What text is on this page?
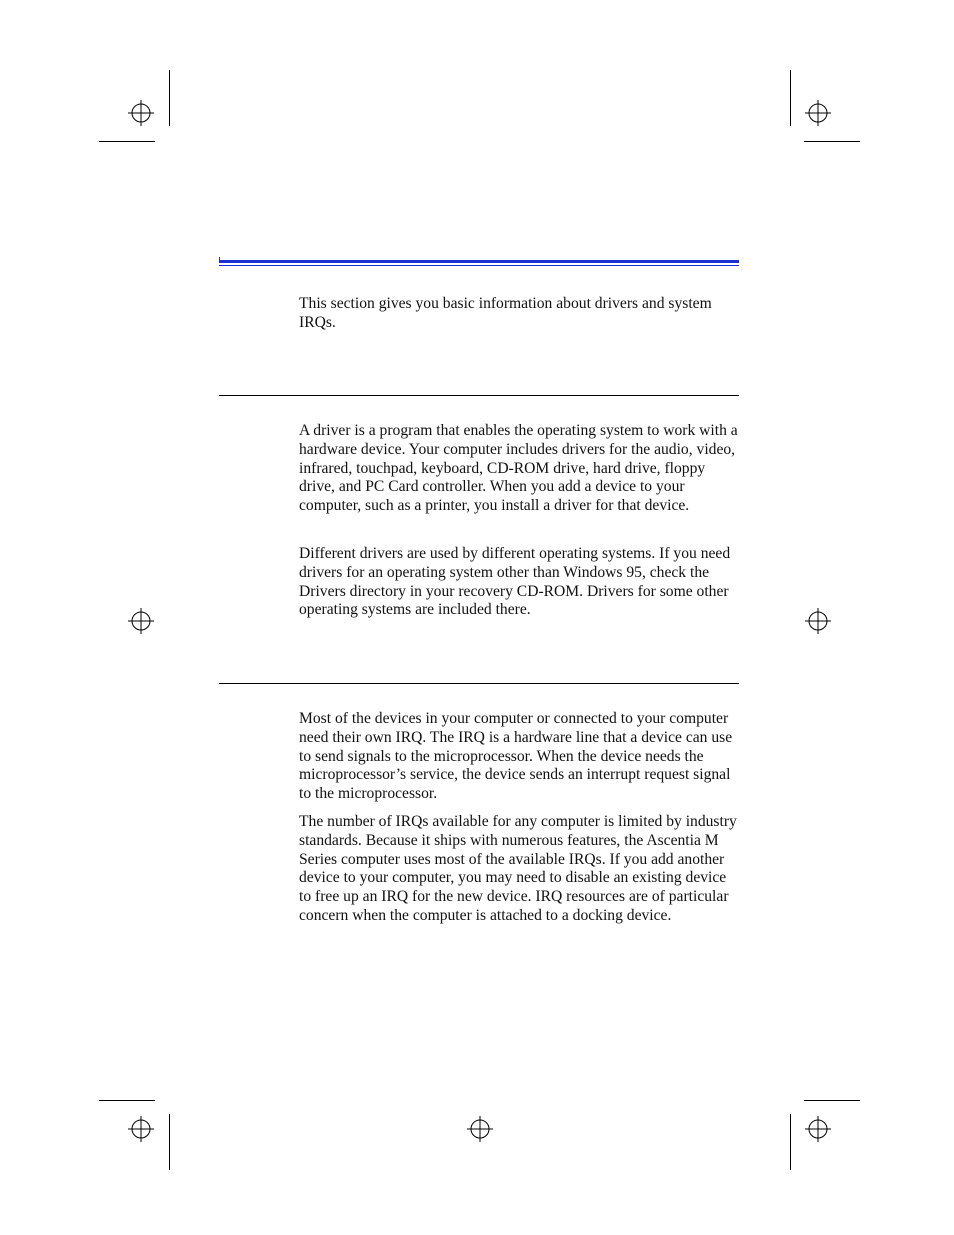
This section gives you basic information about drivers and system IRQs.

A driver is a program that enables the operating system to work with a hardware device. Your computer includes drivers for the audio, video, infrared, touchpad, keyboard, CD-ROM drive, hard drive, floppy drive, and PC Card controller. When you add a device to your computer, such as a printer, you install a driver for that device.

Different drivers are used by different operating systems. If you need drivers for an operating system other than Windows 95, check the Drivers directory in your recovery CD-ROM. Drivers for some other operating systems are included there.

Most of the devices in your computer or connected to your computer need their own IRQ. The IRQ is a hardware line that a device can use to send signals to the microprocessor. When the device needs the microprocessor’s service, the device sends an interrupt request signal to the microprocessor.

The number of IRQs available for any computer is limited by industry standards. Because it ships with numerous features, the Ascentia M Series computer uses most of the available IRQs. If you add another device to your computer, you may need to disable an existing device to free up an IRQ for the new device. IRQ resources are of particular concern when the computer is attached to a docking device.
